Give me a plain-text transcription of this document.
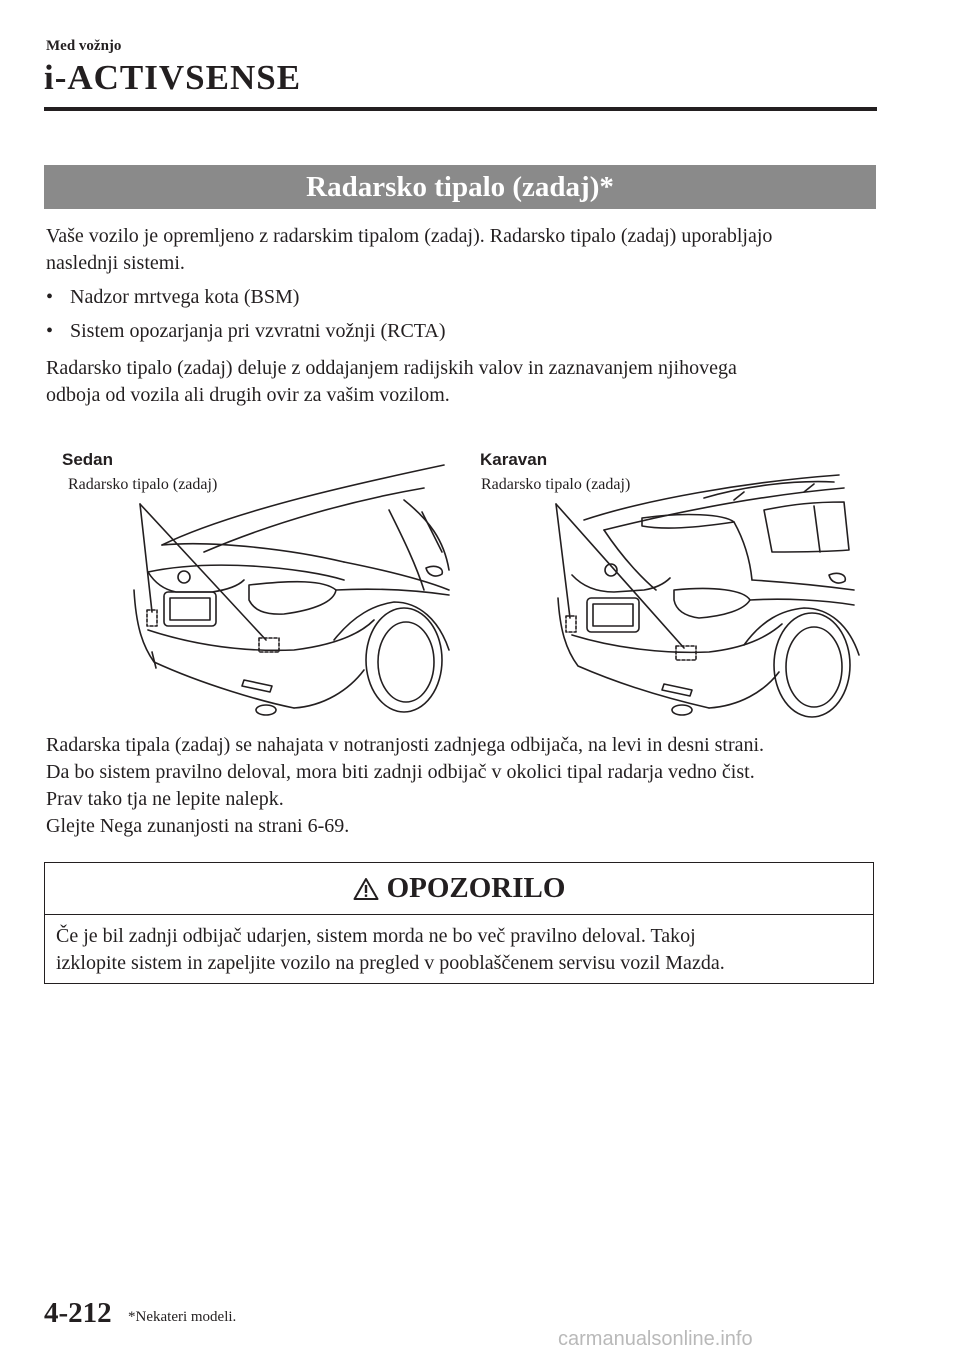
Med vožnjo
i-ACTIVSENSE
Radarsko tipalo (zadaj)*
Vaše vozilo je opremljeno z radarskim tipalom (zadaj). Radarsko tipalo (zadaj) uporabljajo
naslednji sistemi.
• Nadzor mrtvega kota (BSM)
• Sistem opozarjanja pri vzvratni vožnji (RCTA)
Radarsko tipalo (zadaj) deluje z oddajanjem radijskih valov in zaznavanjem njihovega
odboja od vozila ali drugih ovir za vašim vozilom.
Sedan
Radarsko tipalo (zadaj)
Karavan
Radarsko tipalo (zadaj)
Radarska tipala (zadaj) se nahajata v notranjosti zadnjega odbijača, na levi in desni strani.
Da bo sistem pravilno deloval, mora biti zadnji odbijač v okolici tipal radarja vedno čist.
Prav tako tja ne lepite nalepk.
Glejte Nega zunanjosti na strani 6-69.
OPOZORILO
Če je bil zadnji odbijač udarjen, sistem morda ne bo več pravilno deloval. Takoj
izklopite sistem in zapeljite vozilo na pregled v pooblaščenem servisu vozil Mazda.
4-212 *Nekateri modeli.
carmanualsonline.info
